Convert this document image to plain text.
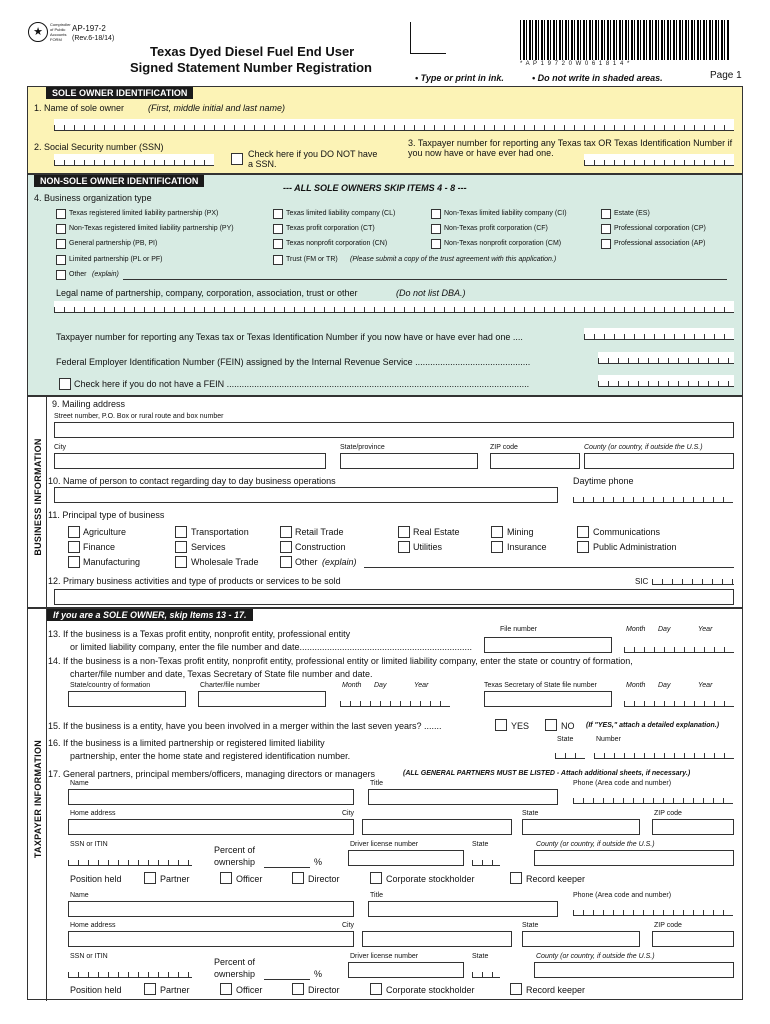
★
Comptroller of Public Accounts FORM
AP-197-2
(Rev.6-18/14)
Texas Dyed Diesel Fuel End User
Signed Statement Number Registration	* A P 1 9 7 2 0 W 0 6 1 8 1 4 *
• Type or print in ink.	• Do not write in shaded areas.	Page 1
SOLE OWNER IDENTIFICATION
1. Name of sole owner	(First, middle initial and last name)
2. Social Security number (SSN)
Check here if you DO NOT have a SSN.
3. Taxpayer number for reporting any Texas tax OR Texas Identification Number if you now have or have ever had one.
NON-SOLE OWNER IDENTIFICATION
--- ALL SOLE OWNERS SKIP ITEMS 4 - 8 ---
4. Business organization type
Texas registered limited liability partnership (PX)
Non-Texas registered limited liability partnership (PY)
General partnership (PB, PI)
Limited partnership (PL or PF)
Texas limited liability company (CL)
Texas profit corporation (CT)
Texas nonprofit corporation (CN)
Trust (FM or TR) (Please submit a copy of the trust agreement with this application.)
Non-Texas limited liability company (CI)
Non-Texas profit corporation (CF)
Non-Texas nonprofit corporation (CM)
Estate (ES)
Professional corporation (CP)
Professional association (AP)
Other (explain)
Legal name of partnership, company, corporation, association, trust or other	(Do not list DBA.)
Taxpayer number for reporting any Texas tax or Texas Identification Number if you now have or have ever had one ....
Federal Employer Identification Number (FEIN) assigned by the Internal Revenue Service ..............................................
Check here if you do not have a FEIN .........................................................................................................................
BUSINESS INFORMATION
9. Mailing address
Street number, P.O. Box or rural route and box number
City	State/province	ZIP code	County (or country, if outside the U.S.)
10. Name of person to contact regarding day to day business operations	Daytime phone
11. Principal type of business
Agriculture
Finance
Manufacturing
Transportation
Services
Wholesale Trade
Retail Trade
Construction
Other (explain)
Real Estate
Utilities
Mining
Insurance
Communications
Public Administration
12. Primary business activities and type of products or services to be sold	SIC
TAXPAYER INFORMATION
If you are a SOLE OWNER, skip Items 13 - 17.
13. If the business is a Texas profit entity, nonprofit entity, professional entity
or limited liability company, enter the file number and date.....................................................................
File number	Month Day	Year
14. If the business is a non-Texas profit entity, nonprofit entity, professional entity or limited liability company, enter the state or country of formation,
charter/file number and date, Texas Secretary of State file number and date.
State/country of formation	Charter/file number	Month Day	Year	Texas Secretary of State file number	Month Day	Year
15. If the business is a entity, have you been involved in a merger within the last seven years? .......	YES	NO (If "YES," attach a detailed explanation.)
16. If the business is a limited partnership or registered limited liability
partnership, enter the home state and registered identification number.
State	Number
17. General partners, principal members/officers, managing directors or managers	(ALL GENERAL PARTNERS MUST BE LISTED - Attach additional sheets, if necessary.)
Name	Title	Phone (Area code and number)
Home address	City	State	ZIP code
SSN or ITIN
Percent of
ownership	%
Driver license number	State	County (or country, if outside the U.S.)
Position held	Partner	Officer	Director	Corporate stockholder	Record keeper
Name	Title	Phone (Area code and number)
Home address	City	State	ZIP code
SSN or ITIN
Percent of
ownership	%
Driver license number	State	County (or country, if outside the U.S.)
Position held	Partner	Officer	Director	Corporate stockholder	Record keeper
